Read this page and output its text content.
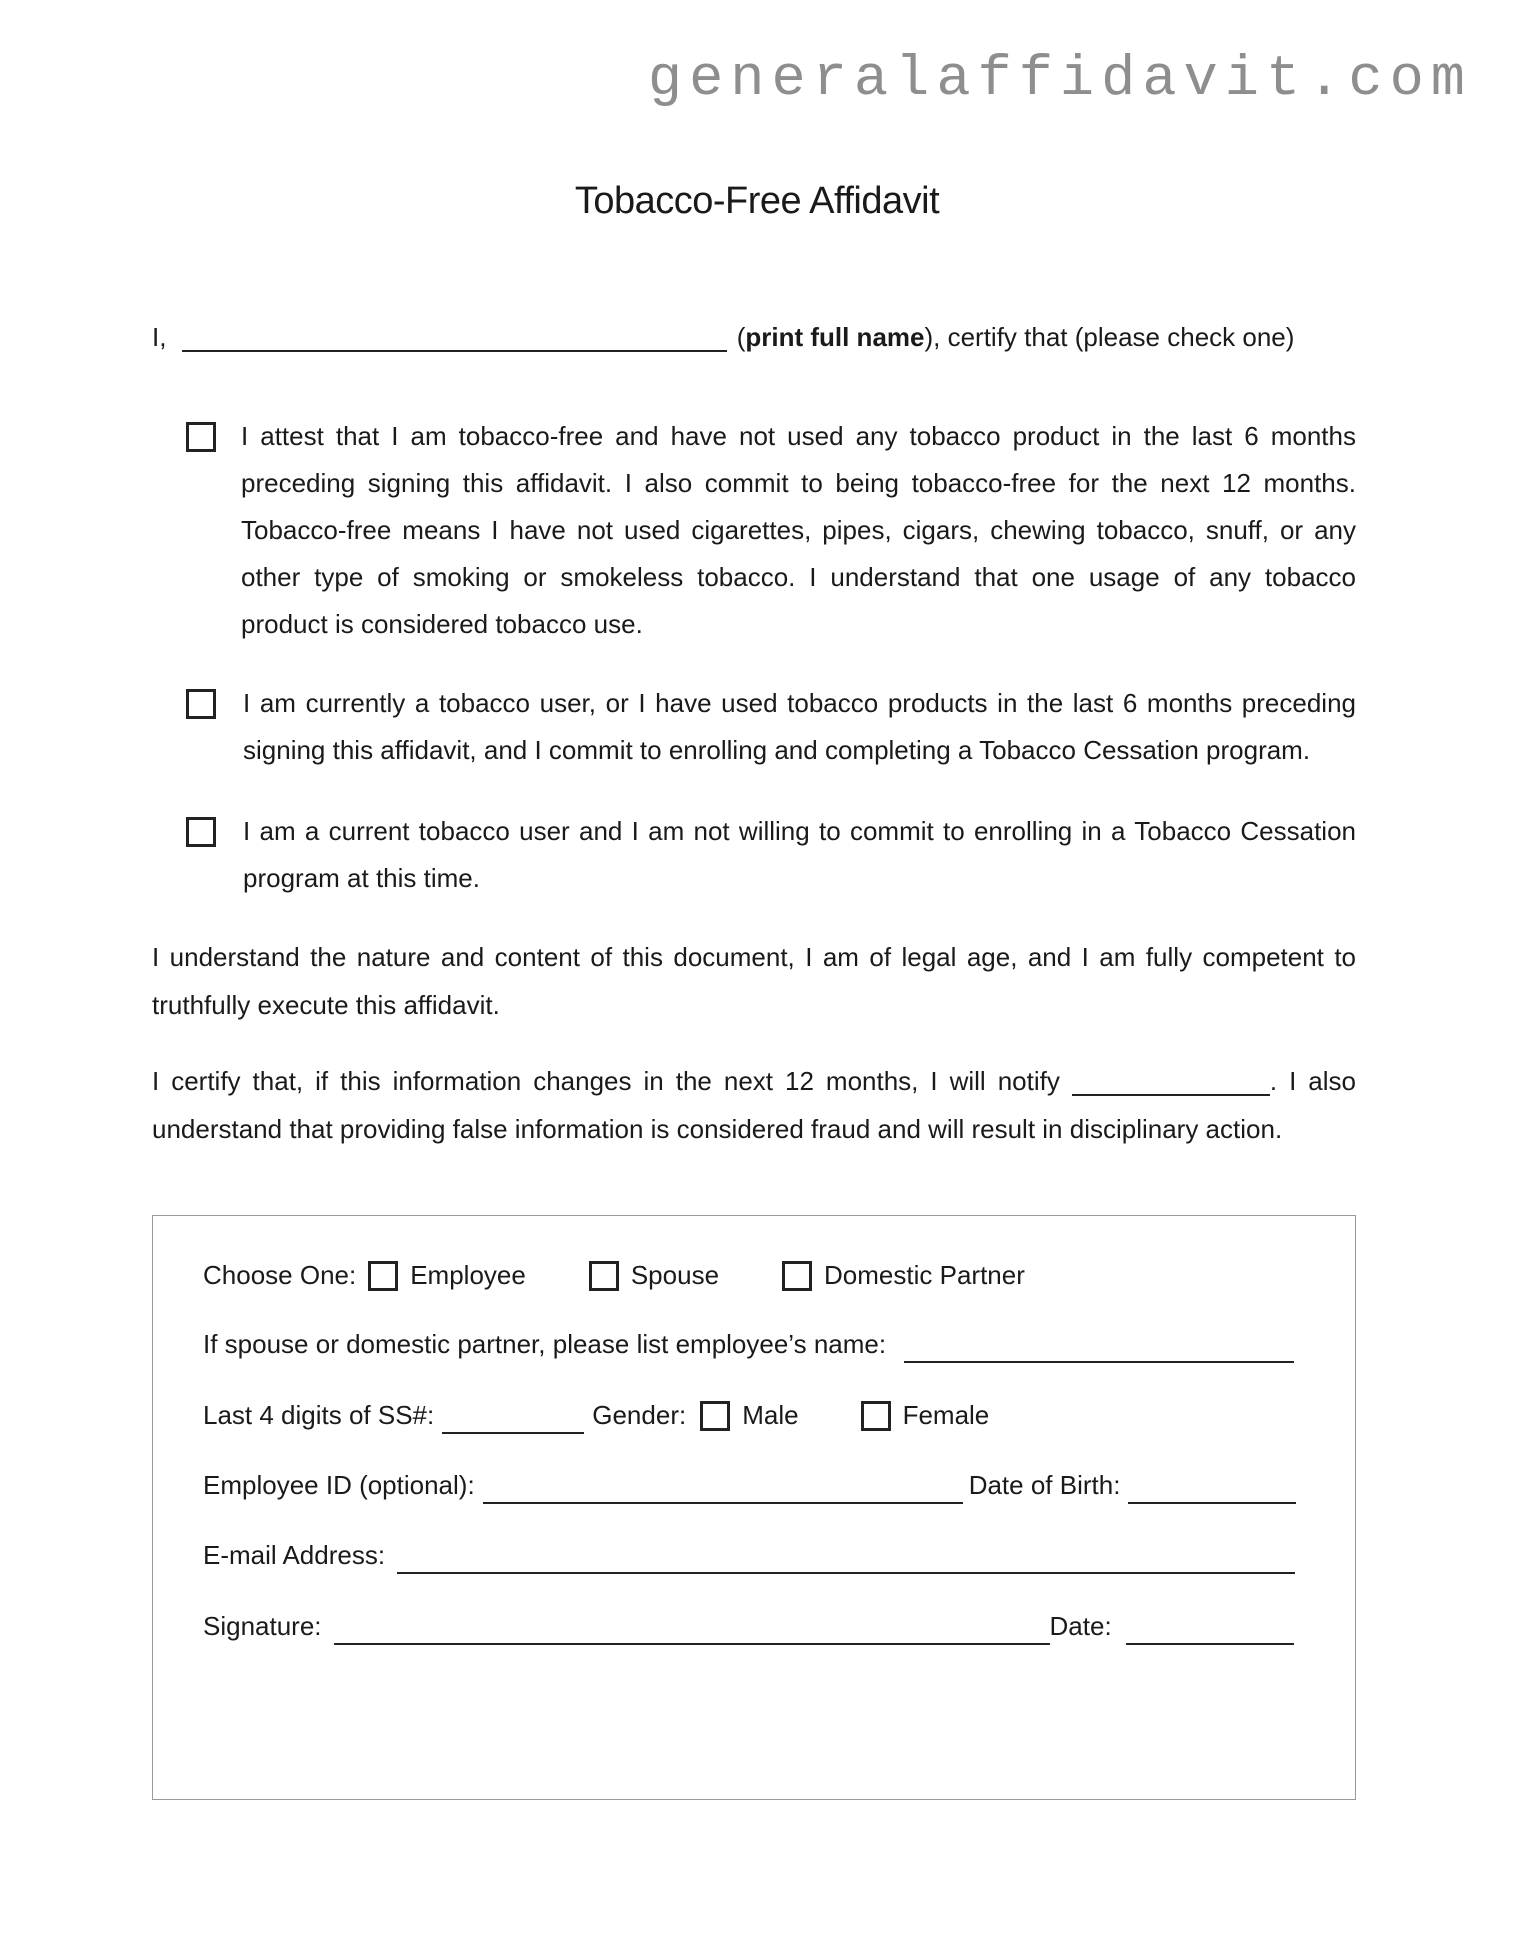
generalaffidavit.com
Tobacco-Free Affidavit
I,	(print full name), certify that (please check one)
I attest that I am tobacco-free and have not used any tobacco product in the last 6 months preceding signing this affidavit. I also commit to being tobacco-free for the next 12 months. Tobacco-free means I have not used cigarettes, pipes, cigars, chewing tobacco, snuff, or any other type of smoking or smokeless tobacco. I understand that one usage of any tobacco product is considered tobacco use.
I am currently a tobacco user, or I have used tobacco products in the last 6 months preceding signing this affidavit, and I commit to enrolling and completing a Tobacco Cessation program.
I am a current tobacco user and I am not willing to commit to enrolling in a Tobacco Cessation program at this time.
I understand the nature and content of this document, I am of legal age, and I am fully competent to truthfully execute this affidavit.
I certify that, if this information changes in the next 12 months, I will notify	. I also understand that providing false information is considered fraud and will result in disciplinary action.
Choose One: Employee	Spouse	Domestic Partner
If spouse or domestic partner, please list employee’s name:
Last 4 digits of SS#:	Gender: Male	Female
Employee ID (optional):	Date of Birth:
E-mail Address:
Signature:	Date:
